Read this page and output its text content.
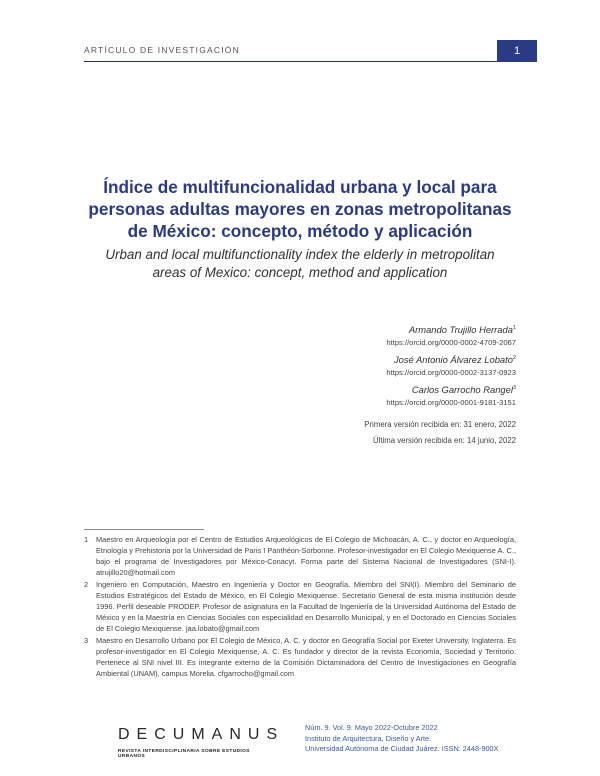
ARTÍCULO DE INVESTIGACIÓN	1
Índice de multifuncionalidad urbana y local para
personas adultas mayores en zonas metropolitanas
de México: concepto, método y aplicación
Urban and local multifunctionality index the elderly in metropolitan
areas of Mexico: concept, method and application
Armando Trujillo Herrada$^1$
https://orcid.org/0000-0002-4709-2067
José Antonio Álvarez Lobato$^2$
https://orcid.org/0000-0002-3137-0923
Carlos Garrocho Rangel$^3$
https://orcid.org/0000-0001-9181-3151
Primera versión recibida en: 31 enero, 2022
Última versión recibida en: 14 junio, 2022
1	Maestro en Arqueología por el Centro de Estudios Arqueológicos de El Colegio de Michoacán, A. C., y doctor en Arqueología, Etnología y Prehistoria por la Universidad de Paris I Panthéon-Sorbonne. Profesor-investigador en El Colegio Mexiquense A. C., bajo el programa de Investigadores por México-Conacyt. Forma parte del Sistema Nacional de Investigadores (SNI-I). atrujillo20@hotmail.com
2	Ingeniero en Computación, Maestro en Ingeniería y Doctor en Geografía. Miembro del SNI(I). Miembro del Seminario de Estudios Estratégicos del Estado de México, en El Colegio Mexiquense. Secretario General de esta misma institución desde 1996. Perfil deseable PRODEP. Profesor de asignatura en la Facultad de Ingeniería de la Universidad Autónoma del Estado de México y en la Maestría en Ciencias Sociales con especialidad en Desarrollo Municipal, y en el Doctorado en Ciencias Sociales de El Colegio Mexiquense. jaa.lobato@gmail.com
3	Maestro en Desarrollo Urbano por El Colegio de México, A. C. y doctor en Geografía Social por Exeter University, Inglaterra. Es profesor-investigador en El Colegio Mexiquense, A. C. Es fundador y director de la revista Economía, Sociedad y Territorio. Pertenece al SNI nivel III. Es integrante externo de la Comisión Dictaminadora del Centro de Investigaciones en Geografía Ambiental (UNAM), campus Morelia. cfgarrocho@gmail.com
DECUMANUS
REVISTA INTERDISCIPLINARIA SOBRE ESTUDIOS URBANOS
Núm. 9. Vol. 9. Mayo 2022-Octubre 2022
Instituto de Arquitectura, Diseño y Arte.
Universidad Autónoma de Ciudad Juárez. ISSN: 2448-900X
